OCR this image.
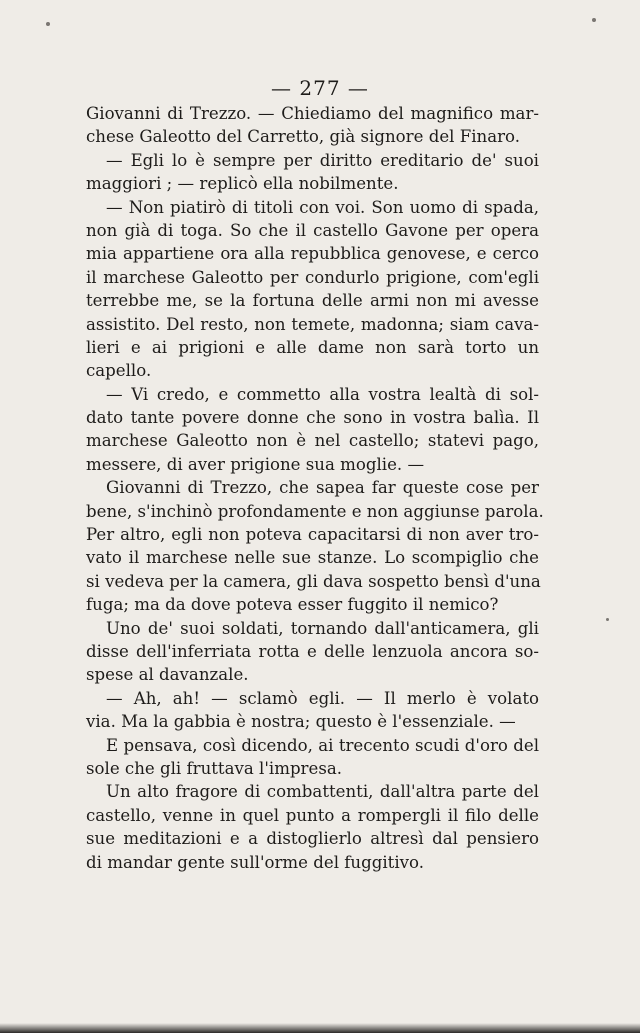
— 277 —
Giovanni di Trezzo. — Chiediamo del magnifico mar-
chese Galeotto del Carretto, già signore del Finaro.
— Egli lo è sempre per diritto ereditario de' suoi
maggiori ; — replicò ella nobilmente.
— Non piatirò di titoli con voi. Son uomo di spada,
non già di toga. So che il castello Gavone per opera
mia appartiene ora alla repubblica genovese, e cerco
il marchese Galeotto per condurlo prigione, com'egli
terrebbe me, se la fortuna delle armi non mi avesse
assistito. Del resto, non temete, madonna; siam cava-
lieri e ai prigioni e alle dame non sarà torto un
capello.
— Vi credo, e commetto alla vostra lealtà di sol-
dato tante povere donne che sono in vostra balìa. Il
marchese Galeotto non è nel castello; statevi pago,
messere, di aver prigione sua moglie. —
Giovanni di Trezzo, che sapea far queste cose per
bene, s'inchinò profondamente e non aggiunse parola.
Per altro, egli non poteva capacitarsi di non aver tro-
vato il marchese nelle sue stanze. Lo scompiglio che
si vedeva per la camera, gli dava sospetto bensì d'una
fuga; ma da dove poteva esser fuggito il nemico?
Uno de' suoi soldati, tornando dall'anticamera, gli
disse dell'inferriata rotta e delle lenzuola ancora so-
spese al davanzale.
— Ah, ah! — sclamò egli. — Il merlo è volato
via. Ma la gabbia è nostra; questo è l'essenziale. —
E pensava, così dicendo, ai trecento scudi d'oro del
sole che gli fruttava l'impresa.
Un alto fragore di combattenti, dall'altra parte del
castello, venne in quel punto a rompergli il filo delle
sue meditazioni e a distoglierlo altresì dal pensiero
di mandar gente sull'orme del fuggitivo.
